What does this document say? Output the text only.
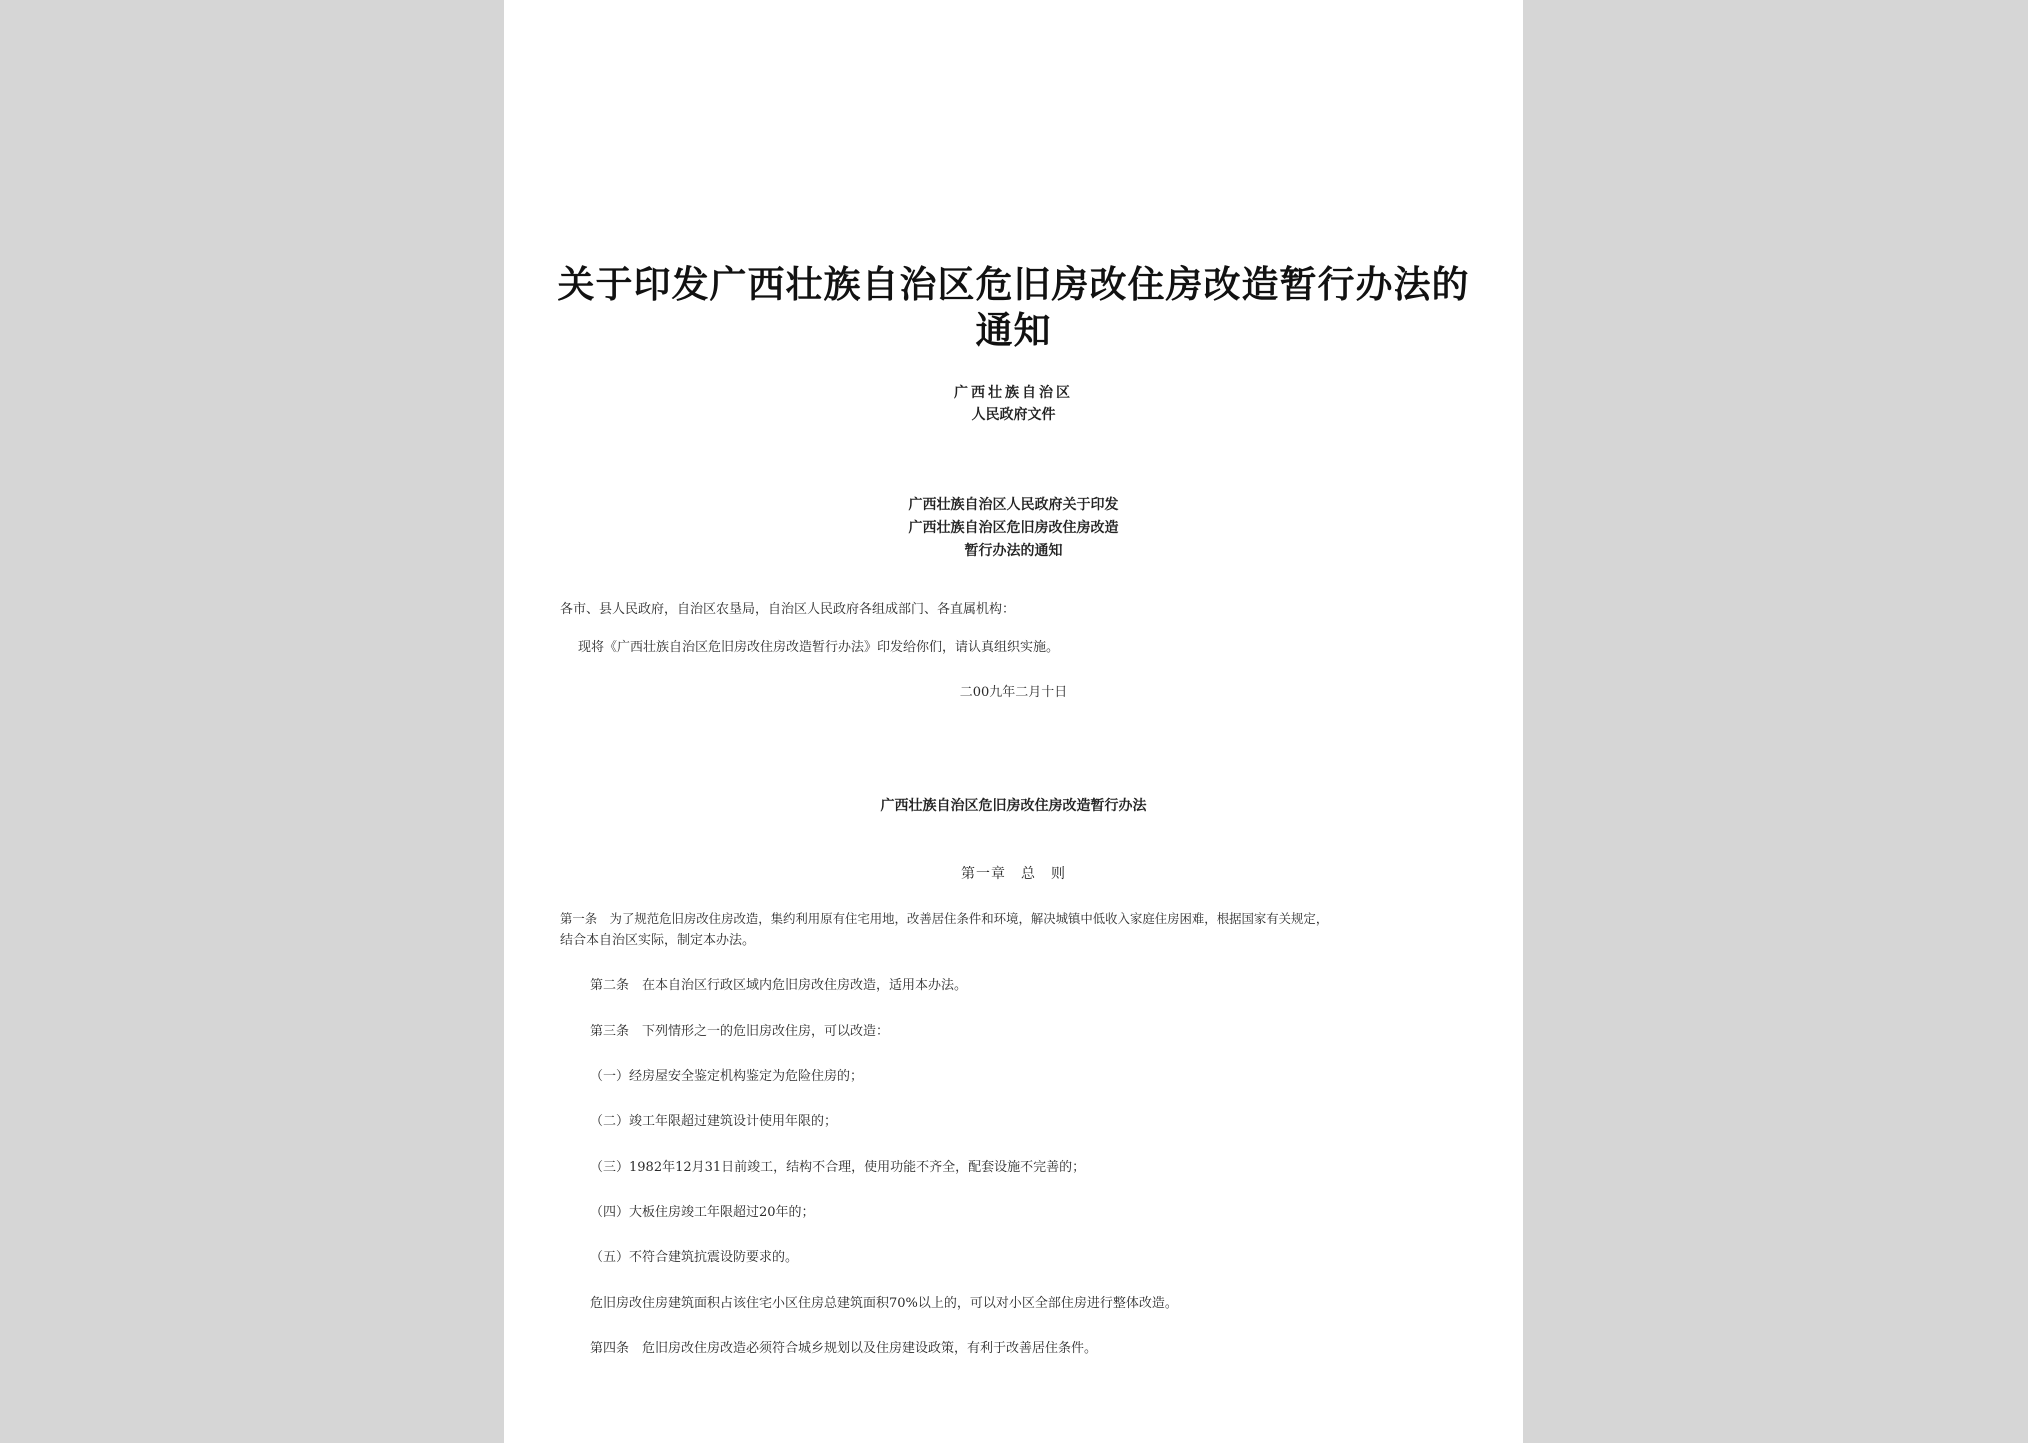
关于印发广西壮族自治区危旧房改住房改造暂行办法的
通知
广西壮族自治区
人民政府文件
广西壮族自治区人民政府关于印发
广西壮族自治区危旧房改住房改造
暂行办法的通知
各市、县人民政府，自治区农垦局，自治区人民政府各组成部门、各直属机构：
现将《广西壮族自治区危旧房改住房改造暂行办法》印发给你们，请认真组织实施。
二00九年二月十日
广西壮族自治区危旧房改住房改造暂行办法
第一章　总　则
第一条　为了规范危旧房改住房改造，集约利用原有住宅用地，改善居住条件和环境，解决城镇中低收入家庭住房困难，根据国家有关规定，
结合本自治区实际，制定本办法。
第二条　在本自治区行政区域内危旧房改住房改造，适用本办法。
第三条　下列情形之一的危旧房改住房，可以改造：
（一）经房屋安全鉴定机构鉴定为危险住房的；
（二）竣工年限超过建筑设计使用年限的；
（三）1982年12月31日前竣工，结构不合理，使用功能不齐全，配套设施不完善的；
（四）大板住房竣工年限超过20年的；
（五）不符合建筑抗震设防要求的。
危旧房改住房建筑面积占该住宅小区住房总建筑面积70%以上的，可以对小区全部住房进行整体改造。
第四条　危旧房改住房改造必须符合城乡规划以及住房建设政策，有利于改善居住条件。
